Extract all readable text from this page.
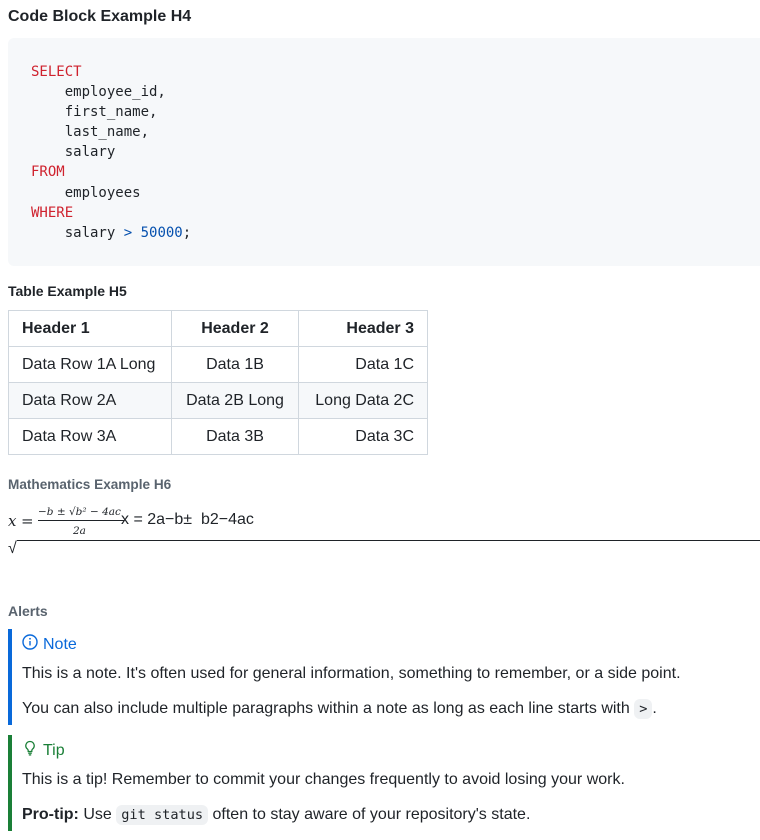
Code Block Example H4
SELECT
employee_id,
first_name,
last_name,
salary
FROM
employees
WHERE
salary > 50000;
Table Example H5
Header 1	Header 2	Header 3
Data Row 1A Long	Data 1B	Data 1C
Data Row 2A	Data 2B Long	Long Data 2C
Data Row 3A	Data 3B	Data 3C
Mathematics Example H6
x = −b ± √b² − 4ac
2a
x = 2a−b±  b2−4ac
√
Alerts
Note

This is a note. It's often used for general information, something to remember, or a side point.

You can also include multiple paragraphs within a note as long as each line starts with > .

Tip

This is a tip! Remember to commit your changes frequently to avoid losing your work.

Pro-tip: Use git status often to stay aware of your repository's state.
